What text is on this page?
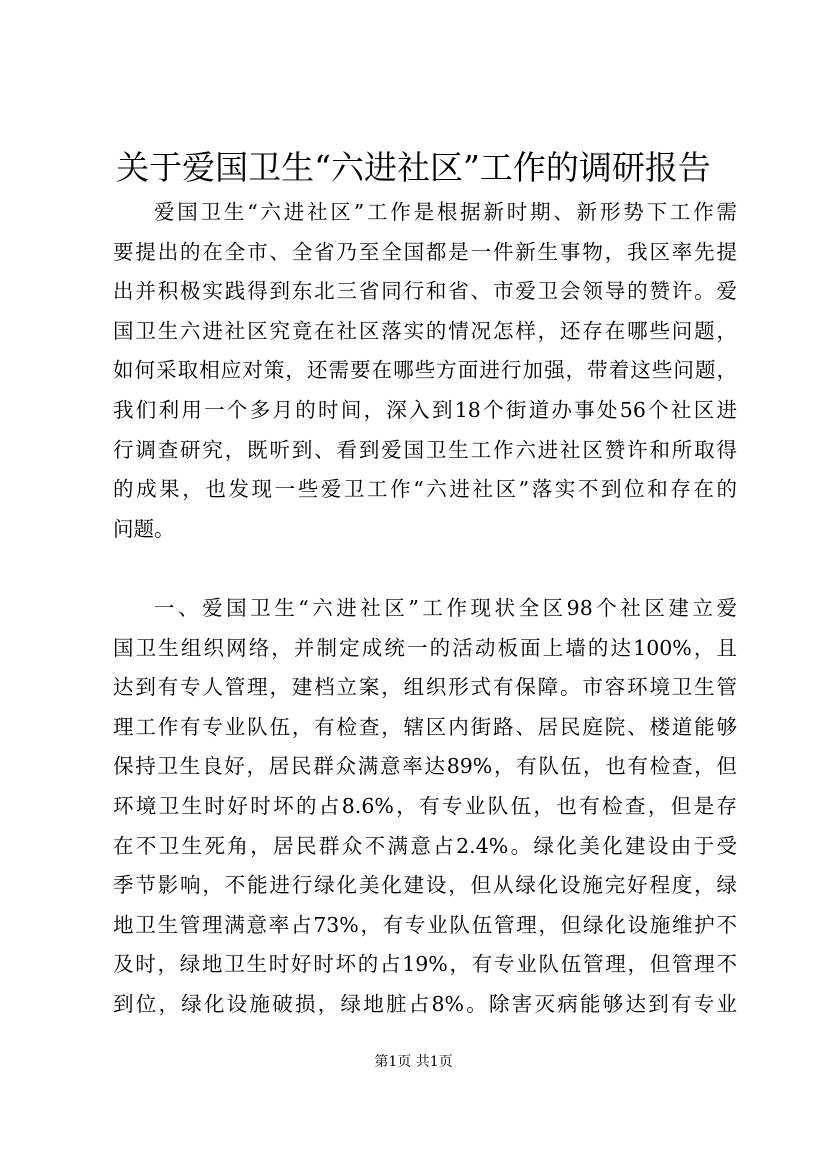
关于爱国卫生“六进社区”工作的调研报告
爱国卫生“六进社区”工作是根据新时期、新形势下工作需
要提出的在全市、全省乃至全国都是一件新生事物，我区率先提
出并积极实践得到东北三省同行和省、市爱卫会领导的赞许。爱
国卫生六进社区究竟在社区落实的情况怎样，还存在哪些问题，
如何采取相应对策，还需要在哪些方面进行加强，带着这些问题，
我们利用一个多月的时间，深入到18个街道办事处56个社区进
行调查研究，既听到、看到爱国卫生工作六进社区赞许和所取得
的成果，也发现一些爱卫工作“六进社区”落实不到位和存在的
问题。
一、爱国卫生“六进社区”工作现状全区98个社区建立爱
国卫生组织网络，并制定成统一的活动板面上墙的达100%，且
达到有专人管理，建档立案，组织形式有保障。市容环境卫生管
理工作有专业队伍，有检查，辖区内街路、居民庭院、楼道能够
保持卫生良好，居民群众满意率达89%，有队伍，也有检查，但
环境卫生时好时坏的占8.6%，有专业队伍，也有检查，但是存
在不卫生死角，居民群众不满意占2.4%。绿化美化建设由于受
季节影响，不能进行绿化美化建设，但从绿化设施完好程度，绿
地卫生管理满意率占73%，有专业队伍管理，但绿化设施维护不
及时，绿地卫生时好时坏的占19%，有专业队伍管理，但管理不
到位，绿化设施破损，绿地脏占8%。除害灭病能够达到有专业
第1页 共1页
